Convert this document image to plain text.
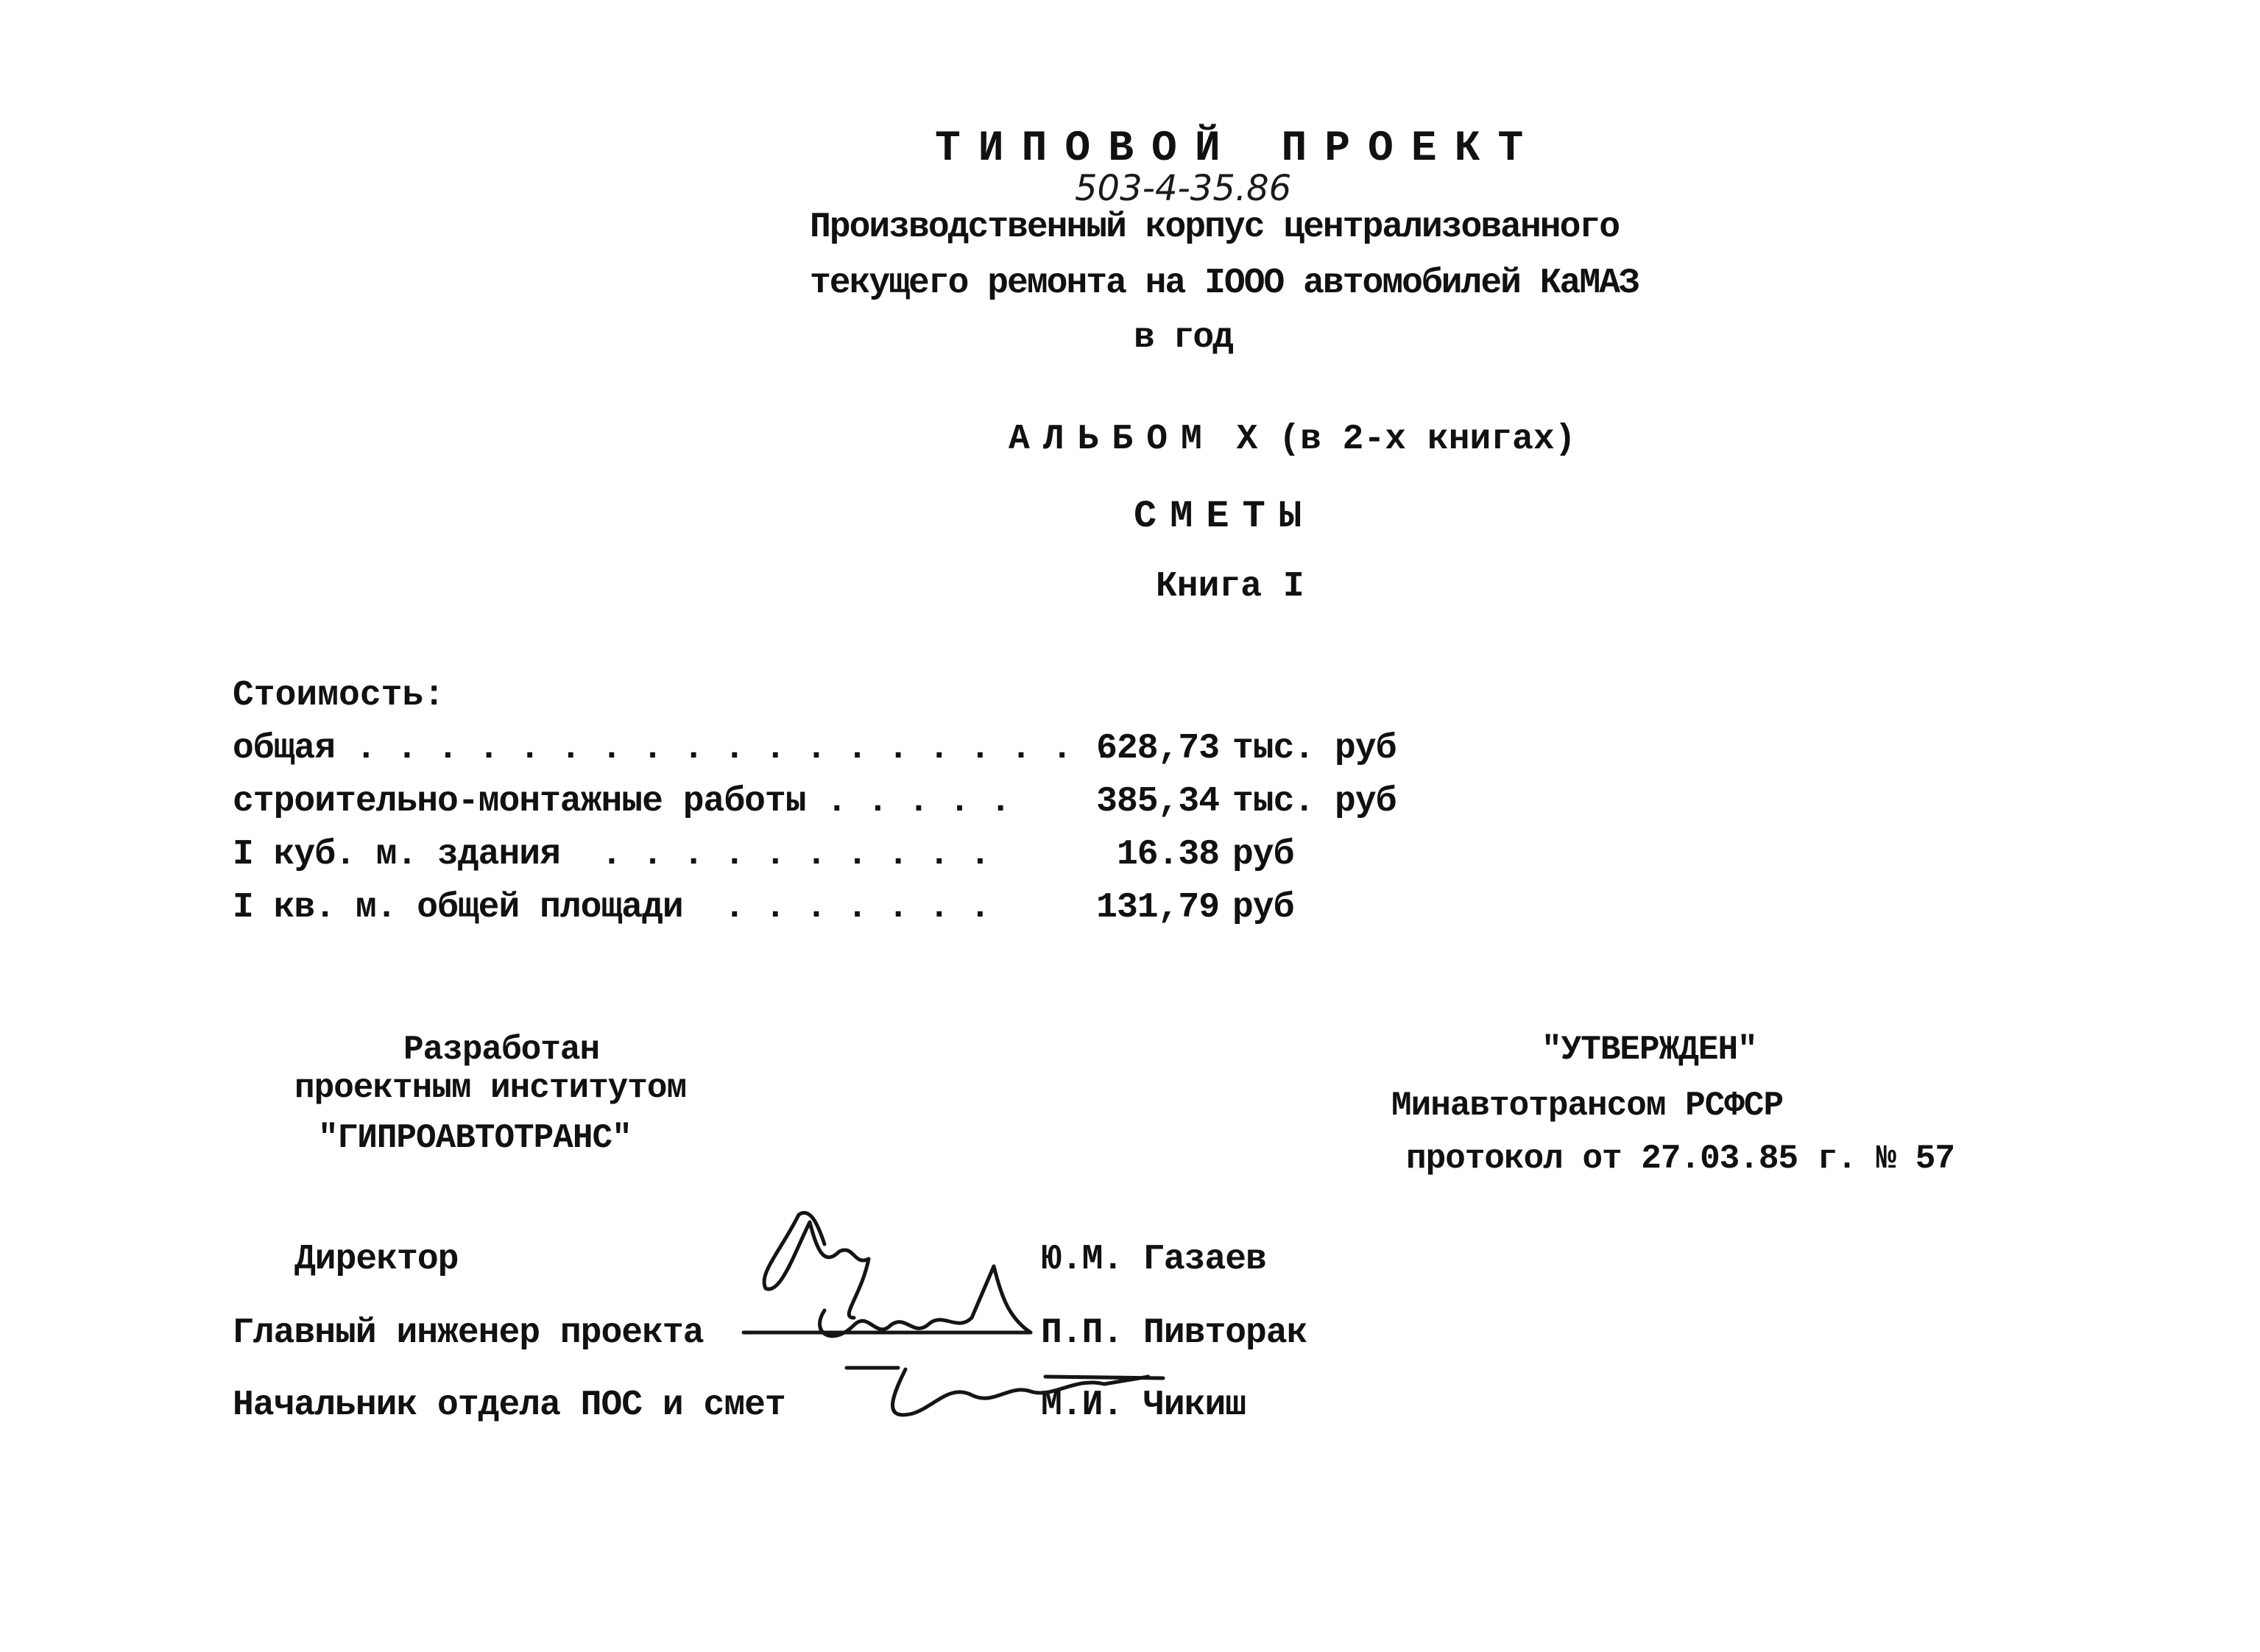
ТИПОВОЙ ПРОЕКТ
503-4-35.86
Производственный корпус централизованного
текущего ремонта на IOOO автомобилей КаМАЗ
в год
АЛЬБОМ X (в 2-х книгах)
СМЕТЫ
Книга I
Стоимость:
общая . . . . . . . . . . . . . . . . . . .628,73 тыс. руб
строительно-монтажные работы . . . . . 385,34 тыс. руб
I куб. м. здания  . . . . . . . . . .	16.38 руб
I кв. м. общей площади  . . . . . . .	131,79 руб
Разработан
проектным институтом
"ГИПРОАВТОТРАНС"
"УТВЕРЖДЕН"
Минавтотрансом РСФСР
протокол от 27.03.85 г. № 57
Директор
Главный инженер проекта
Начальник отдела ПОС и смет
Ю.М. Газаев
П.П. Пивторак
М.И. Чикиш
